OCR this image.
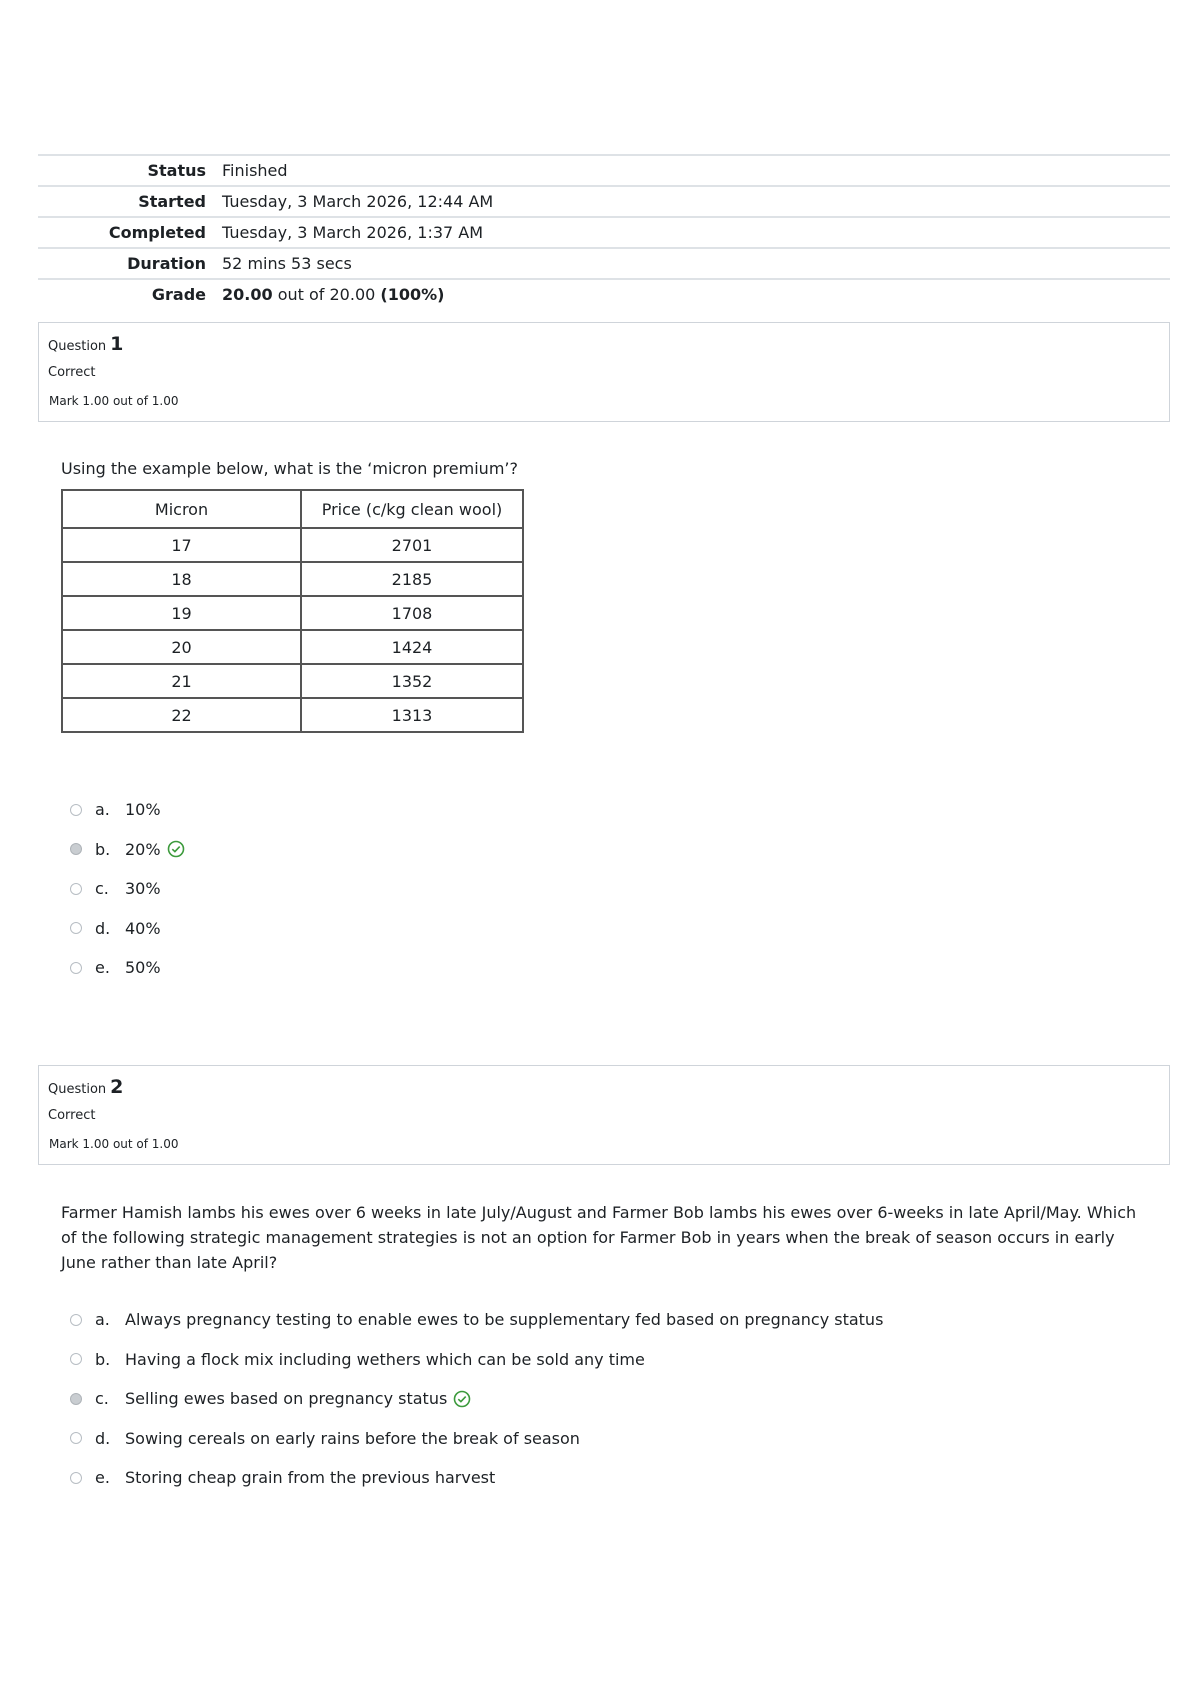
Status	Finished
Started	Tuesday, 3 March 2026, 12:44 AM
Completed	Tuesday, 3 March 2026, 1:37 AM
Duration	52 mins 53 secs
Grade	20.00 out of 20.00 (100%)
Question 1
Correct
Mark 1.00 out of 1.00
Using the example below, what is the ‘micron premium’?
Micron	Price (c/kg clean wool)
17	2701
18	2185
19	1708
20	1424
21	1352
22	1313
a. 10%
b. 20%
c.	30%
d. 40%
e. 50%
Question 2
Correct
Mark 1.00 out of 1.00
Farmer Hamish lambs his ewes over 6 weeks in late July/August and Farmer Bob lambs his ewes over 6-weeks in late April/May. Which of the following strategic management strategies is not an option for Farmer Bob in years when the break of season occurs in early June rather than late April?
a. Always pregnancy testing to enable ewes to be supplementary fed based on pregnancy status
b. Having a flock mix including wethers which can be sold any time
c.	Selling ewes based on pregnancy status
d. Sowing cereals on early rains before the break of season
e. Storing cheap grain from the previous harvest
